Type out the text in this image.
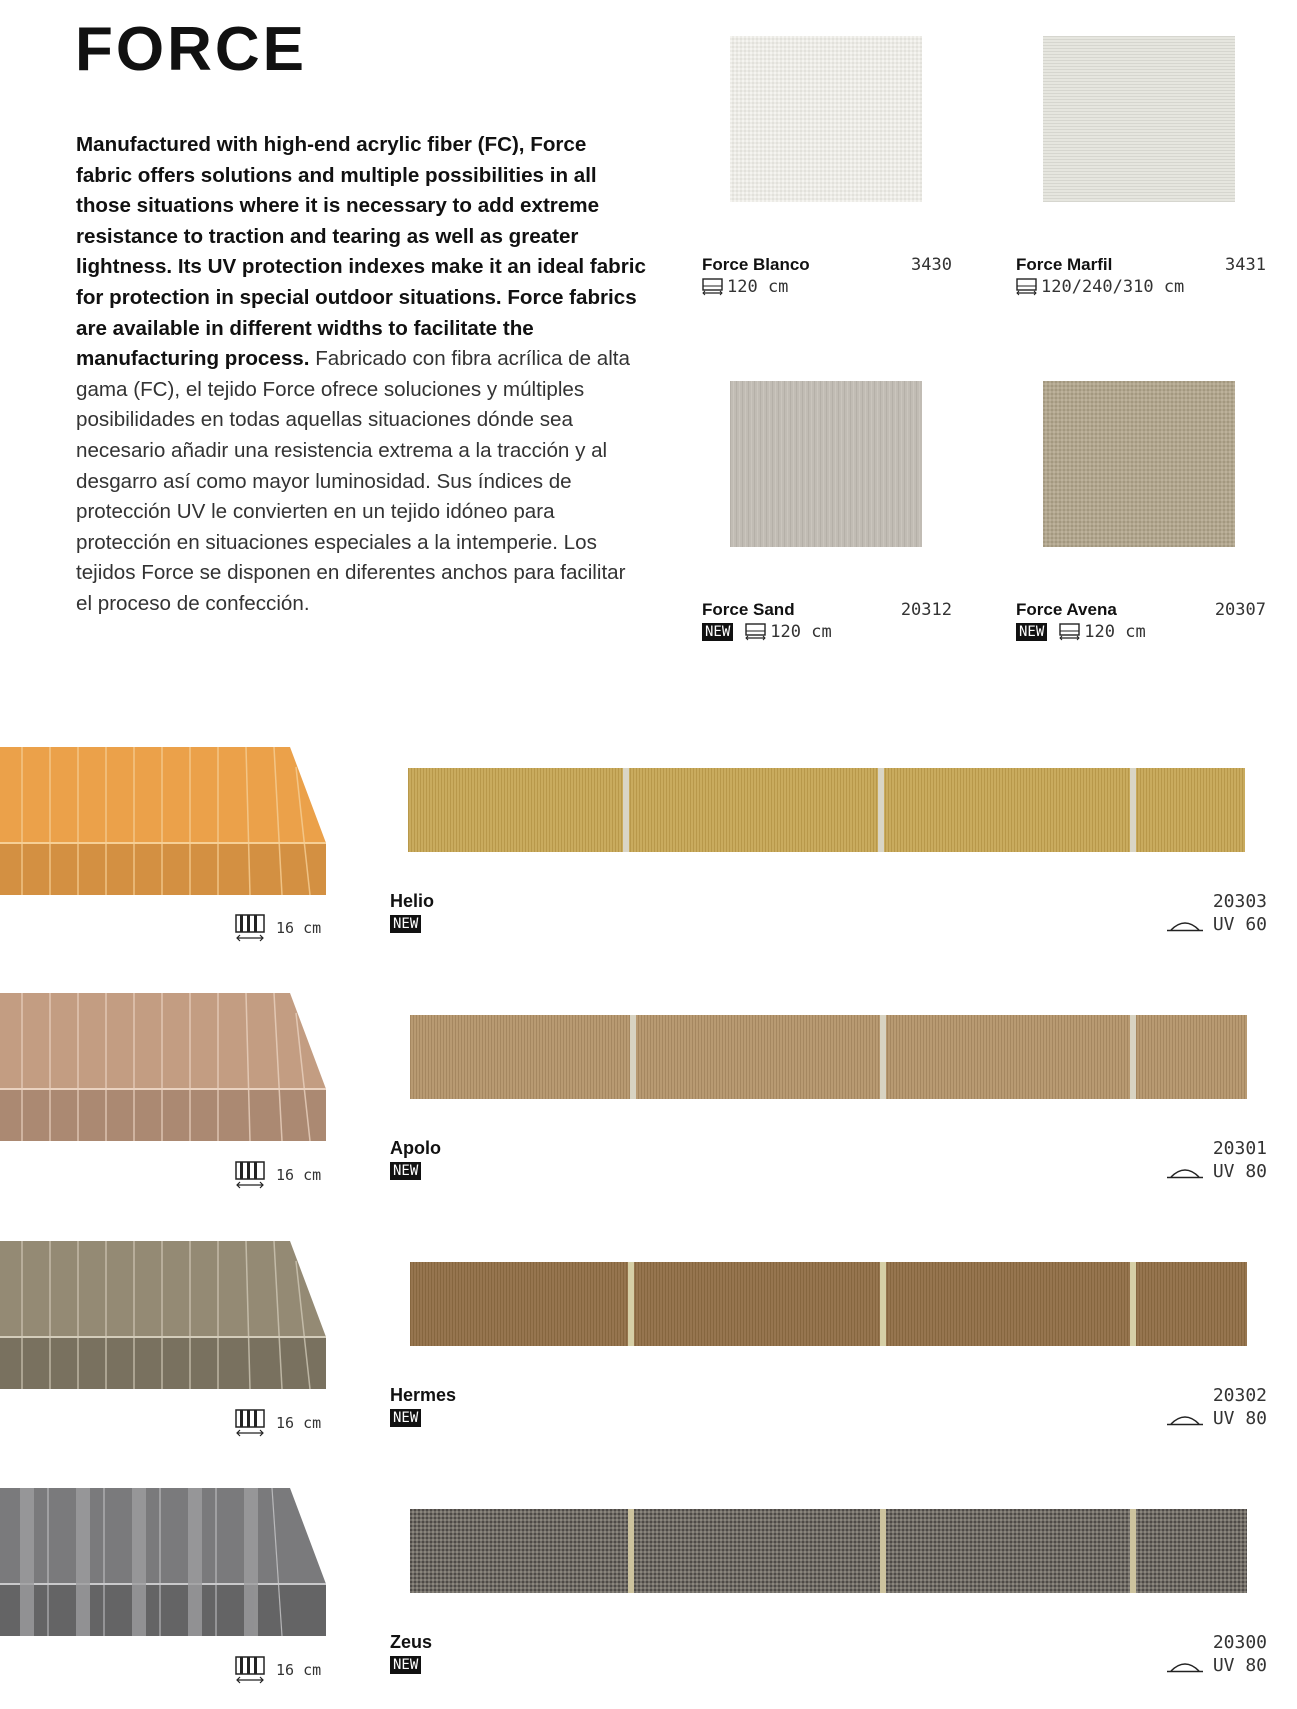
FORCE
Manufactured with high-end acrylic fiber (FC), Force fabric offers solutions and multiple possibilities in all those situations where it is necessary to add extreme resistance to traction and tearing as well as greater lightness. Its UV protection indexes make it an ideal fabric for protection in special outdoor situations. Force fabrics are available in different widths to facilitate the manufacturing process. Fabricado con fibra acrílica de alta gama (FC), el tejido Force ofrece soluciones y múltiples posibilidades en todas aquellas situaciones dónde sea necesario añadir una resistencia extrema a la tracción y al desgarro así como mayor luminosidad. Sus índices de protección UV le convierten en un tejido idóneo para protección en situaciones especiales a la intemperie. Los tejidos Force se disponen en diferentes anchos para facilitar el proceso de confección.
Force Blanco	3430
120 cm
Force Marfil	3431
120/240/310 cm
Force Sand	20312
NEW 120 cm
Force Avena	20307
NEW 120 cm
16 cm
Helio
NEW
20303
UV 60
16 cm
Apolo
NEW
20301
UV 80
16 cm
Hermes
NEW
20302
UV 80
16 cm
Zeus
NEW
20300
UV 80
